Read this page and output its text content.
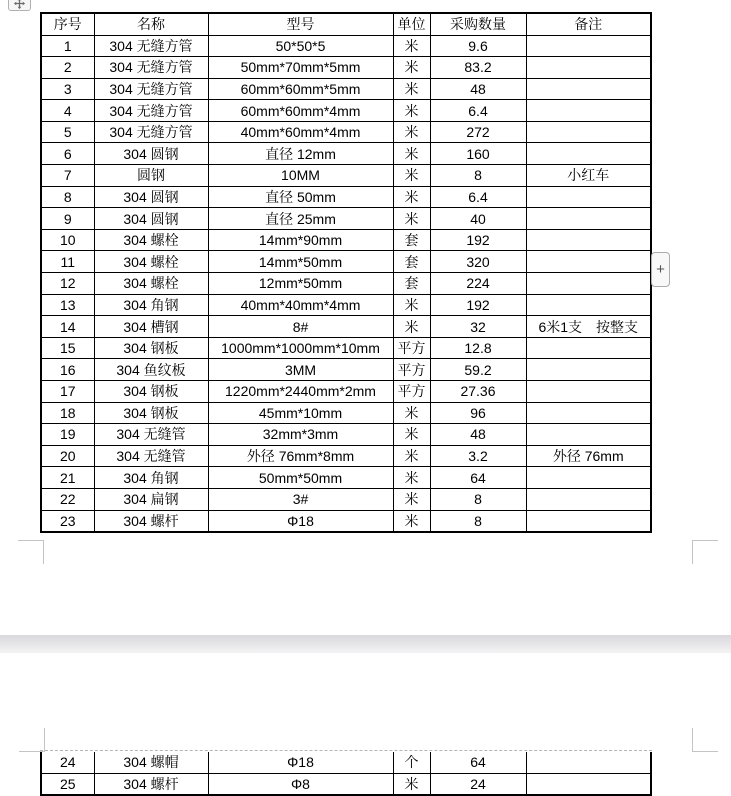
序号	名称	型号	单位	采购数量	备注
1	304 无缝方管	50*50*5	米	9.6	
2	304 无缝方管	50mm*70mm*5mm	米	83.2	
3	304 无缝方管	60mm*60mm*5mm	米	48	
4	304 无缝方管	60mm*60mm*4mm	米	6.4	
5	304 无缝方管	40mm*60mm*4mm	米	272	
6	304 圆钢	直径 12mm	米	160	
7	圆钢	10MM	米	8	小红车
8	304 圆钢	直径 50mm	米	6.4	
9	304 圆钢	直径 25mm	米	40	
10	304 螺栓	14mm*90mm	套	192	
11	304 螺栓	14mm*50mm	套	320	
12	304 螺栓	12mm*50mm	套	224	
13	304 角钢	40mm*40mm*4mm	米	192	
14	304 槽钢	8#	米	32	6米1支　按整支
15	304 钢板	1000mm*1000mm*10mm	平方	12.8	
16	304 鱼纹板	3MM	平方	59.2	
17	304 钢板	1220mm*2440mm*2mm	平方	27.36	
18	304 钢板	45mm*10mm	米	96	
19	304 无缝管	32mm*3mm	米	48	
20	304 无缝管	外径 76mm*8mm	米	3.2	外径 76mm
21	304 角钢	50mm*50mm	米	64	
22	304 扁钢	3#	米	8	
23	304 螺杆	Φ18	米	8	
24	304 螺帽	Φ18	个	64	
25	304 螺杆	Φ8	米	24	
+
